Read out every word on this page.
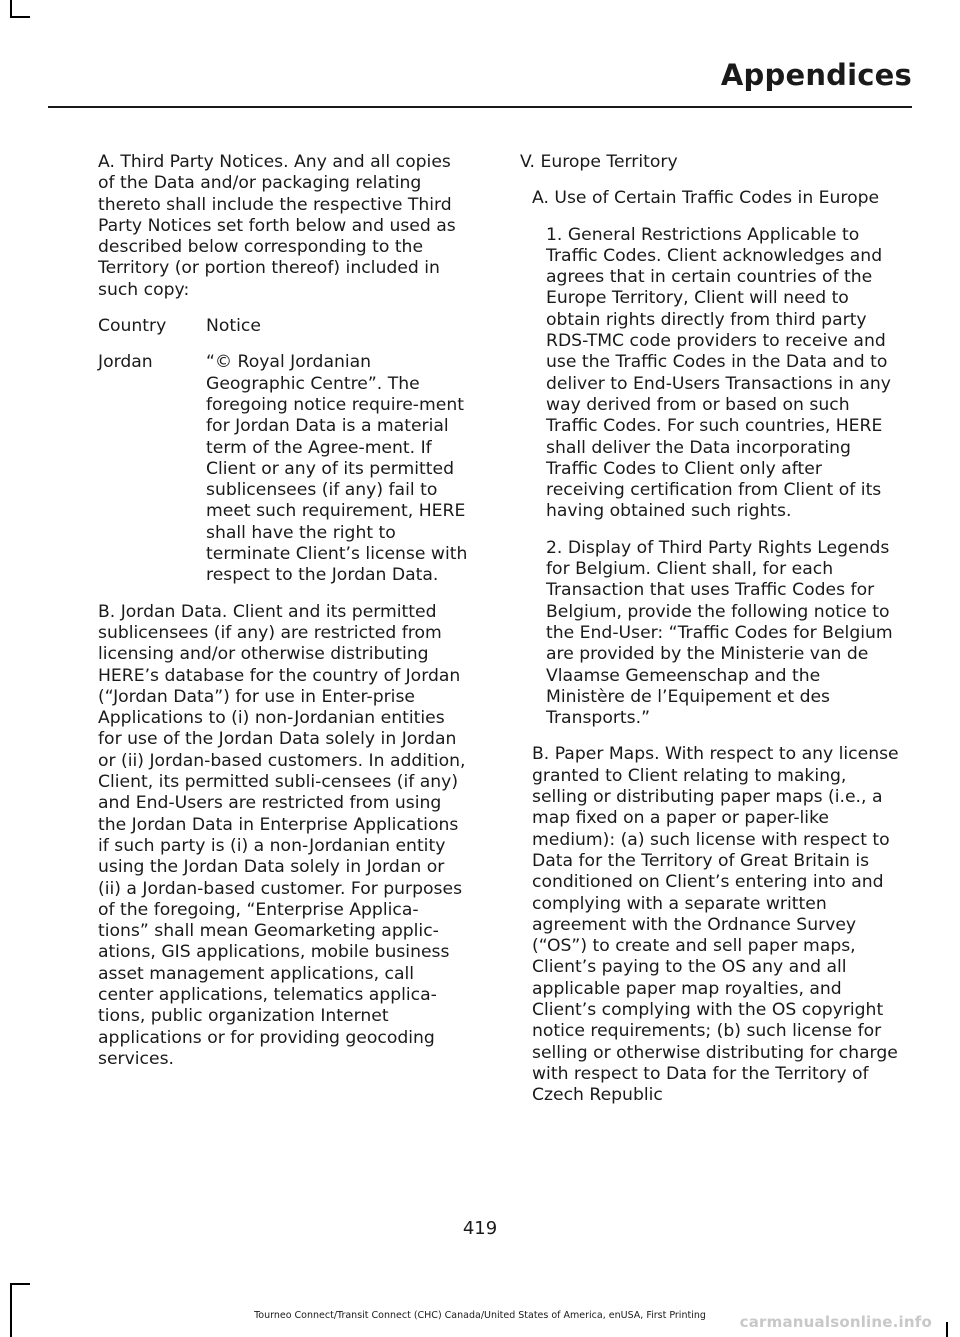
Appendices

A. Third Party Notices. Any and all copies of the Data and/or packaging relating thereto shall include the respective Third Party Notices set forth below and used as described below corresponding to the Territory (or portion thereof) included in such copy:

Country	Notice
Jordan	“© Royal Jordanian Geographic Centre”. The foregoing notice require-ment for Jordan Data is a material term of the Agree-ment. If Client or any of its permitted sublicensees (if any) fail to meet such requirement, HERE shall have the right to terminate Client’s license with respect to the Jordan Data.

B. Jordan Data. Client and its permitted sublicensees (if any) are restricted from licensing and/or otherwise distributing HERE’s database for the country of Jordan (“Jordan Data”) for use in Enter-prise Applications to (i) non-Jordanian entities for use of the Jordan Data solely in Jordan or (ii) Jordan-based customers. In addition, Client, its permitted subli-censees (if any) and End-Users are restricted from using the Jordan Data in Enterprise Applications if such party is (i) a non-Jordanian entity using the Jordan Data solely in Jordan or (ii) a Jordan-based customer. For purposes of the foregoing, “Enterprise Applica-tions” shall mean Geomarketing applic-ations, GIS applications, mobile business asset management applications, call center applications, telematics applica-tions, public organization Internet applications or for providing geocoding services.

V. Europe Territory

A. Use of Certain Traffic Codes in Europe

1. General Restrictions Applicable to Traffic Codes. Client acknowledges and agrees that in certain countries of the Europe Territory, Client will need to obtain rights directly from third party RDS-TMC code providers to receive and use the Traffic Codes in the Data and to deliver to End-Users Transactions in any way derived from or based on such Traffic Codes. For such countries, HERE shall deliver the Data incorporating Traffic Codes to Client only after receiving certification from Client of its having obtained such rights.

2. Display of Third Party Rights Legends for Belgium. Client shall, for each Transaction that uses Traffic Codes for Belgium, provide the following notice to the End-User: “Traffic Codes for Belgium are provided by the Ministerie van de Vlaamse Gemeenschap and the Ministère de l’Equipement et des Transports.”

B. Paper Maps. With respect to any license granted to Client relating to making, selling or distributing paper maps (i.e., a map fixed on a paper or paper-like medium): (a) such license with respect to Data for the Territory of Great Britain is conditioned on Client’s entering into and complying with a separate written agreement with the Ordnance Survey (“OS”) to create and sell paper maps, Client’s paying to the OS any and all applicable paper map royalties, and Client’s complying with the OS copyright notice requirements; (b) such license for selling or otherwise distributing for charge with respect to Data for the Territory of Czech Republic

419
Tourneo Connect/Transit Connect (CHC) Canada/United States of America, enUSA, First Printing	carmanualsonline.info
